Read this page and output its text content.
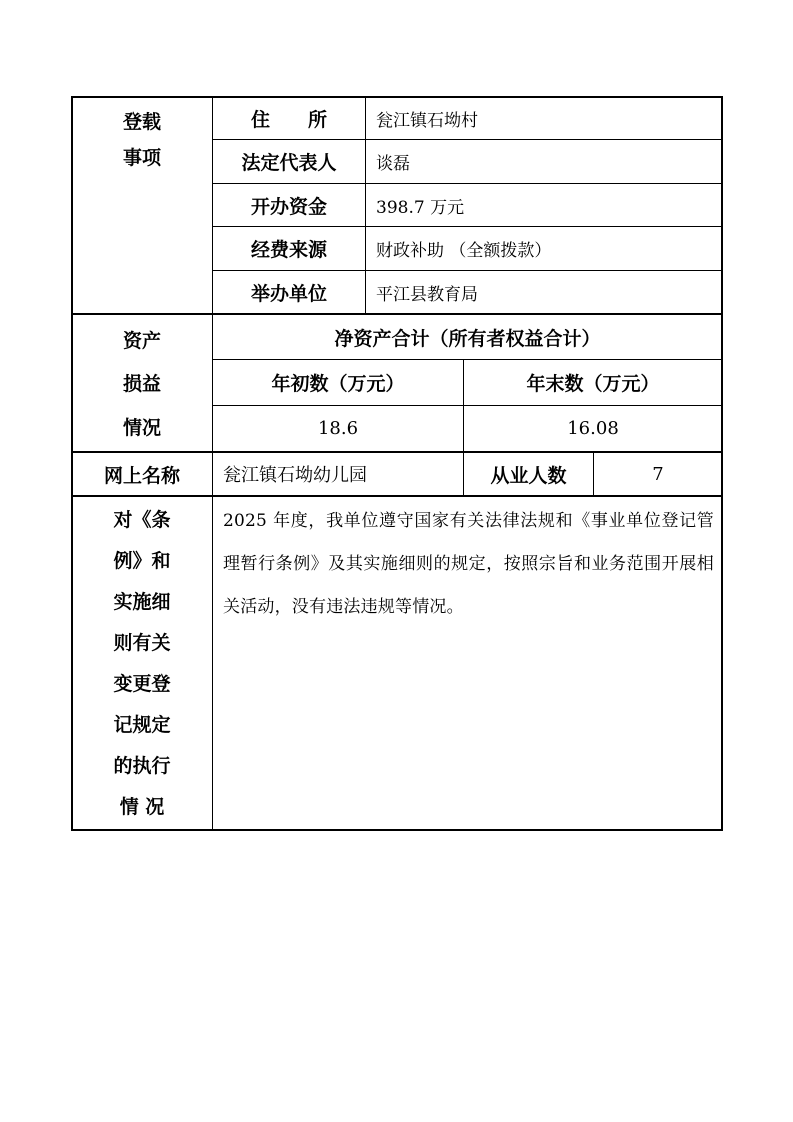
登载
事项
住　　所	瓮江镇石坳村
法定代表人	谈磊
开办资金	398.7 万元
经费来源	财政补助 （全额拨款）
举办单位	平江县教育局
资产
损益
情况
净资产合计（所有者权益合计）
年初数（万元）	年末数（万元）
18.6	16.08
网上名称	瓮江镇石坳幼儿园	从业人数	7
对《条
例》和
实施细
则有关
变更登
记规定
的执行
情 况
2025 年度，我单位遵守国家有关法律法规和《事业单位登记管理暂行条例》及其实施细则的规定，按照宗旨和业务范围开展相关活动，没有违法违规等情况。
